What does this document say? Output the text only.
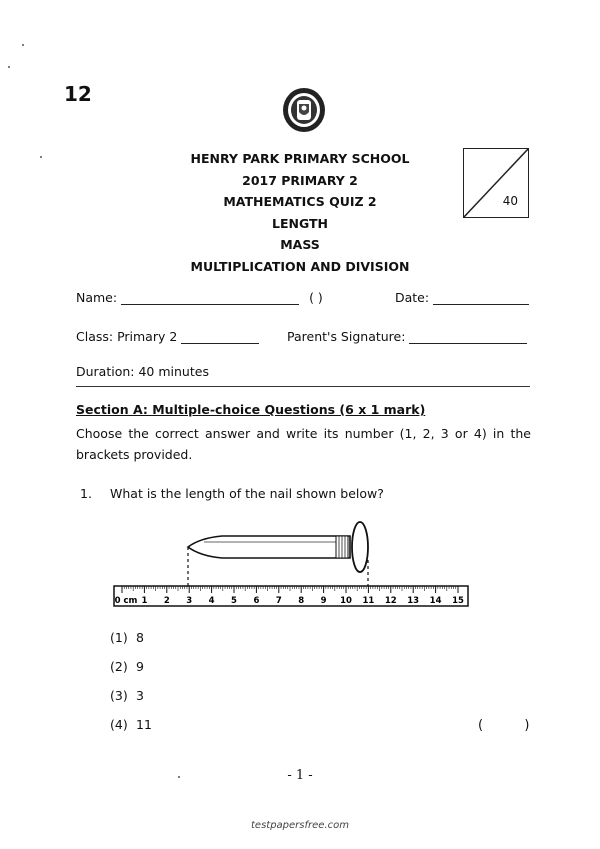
12
HENRY PARK PRIMARY SCHOOL
2017 PRIMARY 2
MATHEMATICS QUIZ 2
LENGTH
MASS
MULTIPLICATION AND DIVISION
40
Name:	( )	Date:
Class: Primary 2	Parent's Signature:
Duration: 40 minutes
Section A: Multiple-choice Questions (6 x 1 mark)
Choose the correct answer and write its number (1, 2, 3 or 4) in the brackets provided.
1. What is the length of the nail shown below?
0 cm 1 2 3 4 5 6 7 8 9 10 11 12 13 14 15
(1) 8
(2) 9
(3) 3
(4) 11	(          )
- 1 -
testpapersfree.com
